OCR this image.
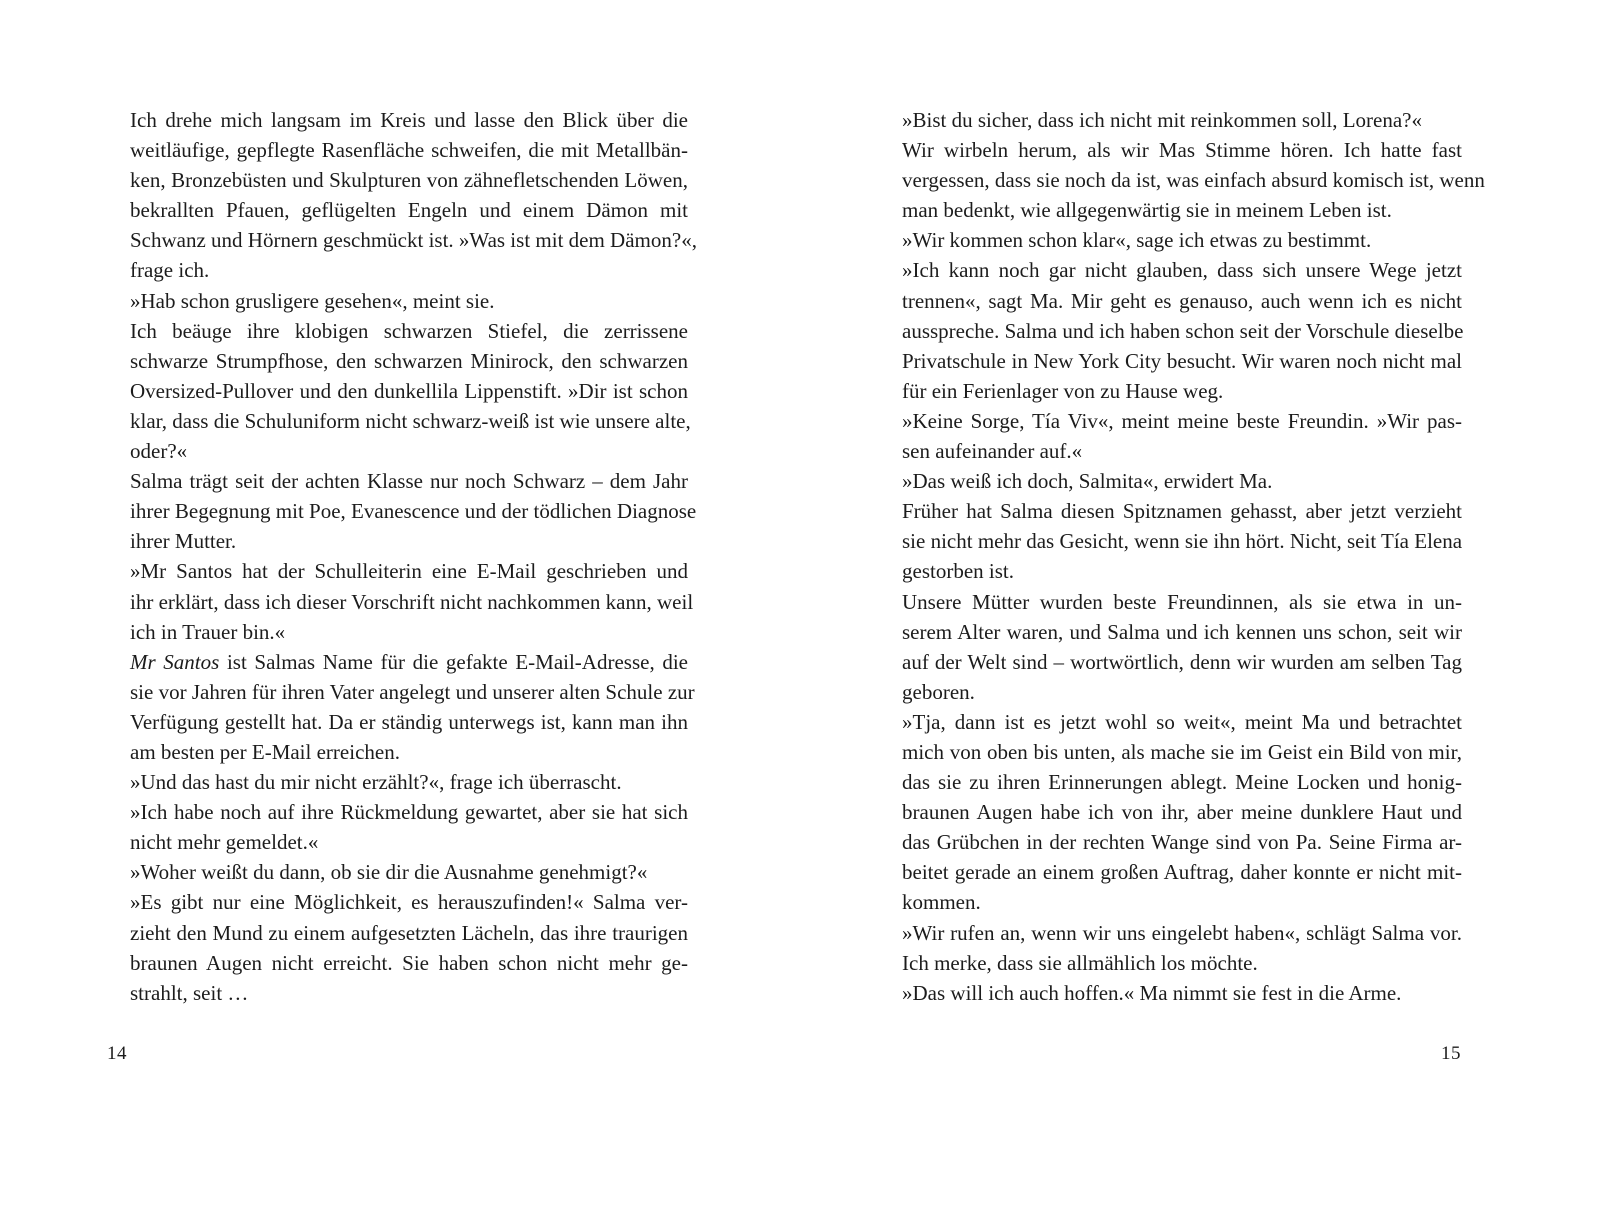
Ich drehe mich langsam im Kreis und lasse den Blick über die
weitläufige, gepflegte Rasenfläche schweifen, die mit Metallbän-
ken, Bronzebüsten und Skulpturen von zähnefletschenden Löwen,
bekrallten Pfauen, geflügelten Engeln und einem Dämon mit
Schwanz und Hörnern geschmückt ist. »Was ist mit dem Dämon?«,
frage ich.

»Hab schon grusligere gesehen«, meint sie.

Ich beäuge ihre klobigen schwarzen Stiefel, die zerrissene
schwarze Strumpfhose, den schwarzen Minirock, den schwarzen
Oversized-Pullover und den dunkellila Lippenstift. »Dir ist schon
klar, dass die Schuluniform nicht schwarz-weiß ist wie unsere alte,
oder?«

Salma trägt seit der achten Klasse nur noch Schwarz – dem Jahr
ihrer Begegnung mit Poe, Evanescence und der tödlichen Diagnose
ihrer Mutter.

»Mr Santos hat der Schulleiterin eine E-Mail geschrieben und
ihr erklärt, dass ich dieser Vorschrift nicht nachkommen kann, weil
ich in Trauer bin.«

Mr Santos ist Salmas Name für die gefakte E-Mail-Adresse, die
sie vor Jahren für ihren Vater angelegt und unserer alten Schule zur
Verfügung gestellt hat. Da er ständig unterwegs ist, kann man ihn
am besten per E-Mail erreichen.

»Und das hast du mir nicht erzählt?«, frage ich überrascht.

»Ich habe noch auf ihre Rückmeldung gewartet, aber sie hat sich
nicht mehr gemeldet.«

»Woher weißt du dann, ob sie dir die Ausnahme genehmigt?«

»Es gibt nur eine Möglichkeit, es herauszufinden!« Salma ver-
zieht den Mund zu einem aufgesetzten Lächeln, das ihre traurigen
braunen Augen nicht erreicht. Sie haben schon nicht mehr ge-
strahlt, seit …

»Bist du sicher, dass ich nicht mit reinkommen soll, Lorena?«

Wir wirbeln herum, als wir Mas Stimme hören. Ich hatte fast
vergessen, dass sie noch da ist, was einfach absurd komisch ist, wenn
man bedenkt, wie allgegenwärtig sie in meinem Leben ist.

»Wir kommen schon klar«, sage ich etwas zu bestimmt.

»Ich kann noch gar nicht glauben, dass sich unsere Wege jetzt
trennen«, sagt Ma. Mir geht es genauso, auch wenn ich es nicht
ausspreche. Salma und ich haben schon seit der Vorschule dieselbe
Privatschule in New York City besucht. Wir waren noch nicht mal
für ein Ferienlager von zu Hause weg.

»Keine Sorge, Tía Viv«, meint meine beste Freundin. »Wir pas-
sen aufeinander auf.«

»Das weiß ich doch, Salmita«, erwidert Ma.

Früher hat Salma diesen Spitznamen gehasst, aber jetzt verzieht
sie nicht mehr das Gesicht, wenn sie ihn hört. Nicht, seit Tía Elena
gestorben ist.

Unsere Mütter wurden beste Freundinnen, als sie etwa in un-
serem Alter waren, und Salma und ich kennen uns schon, seit wir
auf der Welt sind – wortwörtlich, denn wir wurden am selben Tag
geboren.

»Tja, dann ist es jetzt wohl so weit«, meint Ma und betrachtet
mich von oben bis unten, als mache sie im Geist ein Bild von mir,
das sie zu ihren Erinnerungen ablegt. Meine Locken und honig-
braunen Augen habe ich von ihr, aber meine dunklere Haut und
das Grübchen in der rechten Wange sind von Pa. Seine Firma ar-
beitet gerade an einem großen Auftrag, daher konnte er nicht mit-
kommen.

»Wir rufen an, wenn wir uns eingelebt haben«, schlägt Salma vor.
Ich merke, dass sie allmählich los möchte.

»Das will ich auch hoffen.« Ma nimmt sie fest in die Arme.

14	15
